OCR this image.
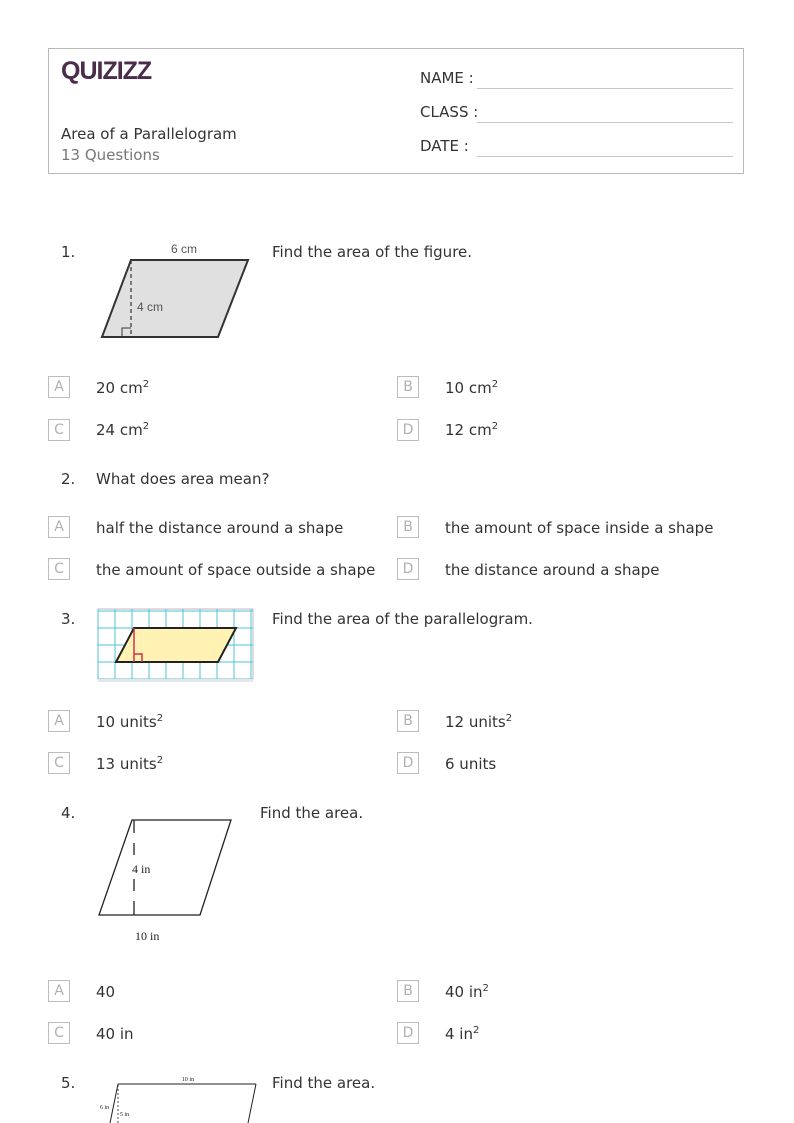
QUIZIZZ
Area of a Parallelogram
13 Questions
NAME :
CLASS :
DATE :
1.	6 cm
4 cm
Find the area of the figure.
A	20 $cm^2$	B	10 $cm^2$
C	24 $cm^2$	D	12 $cm^2$
2. What does area mean?
A	half the distance around a shape	B	the amount of space inside a shape
C	the amount of space outside a shape	D	the distance around a shape
3.	Find the area of the parallelogram.
A	10 units$^2$	B	12 units$^2$
C	13 units$^2$	D	6 units
4.
4 in
10 in
Find the area.
A	40	B	40 $in^2$
C	40 in	D	4 $in^2$
5.	10 in
6 in
5 in
Find the area.
